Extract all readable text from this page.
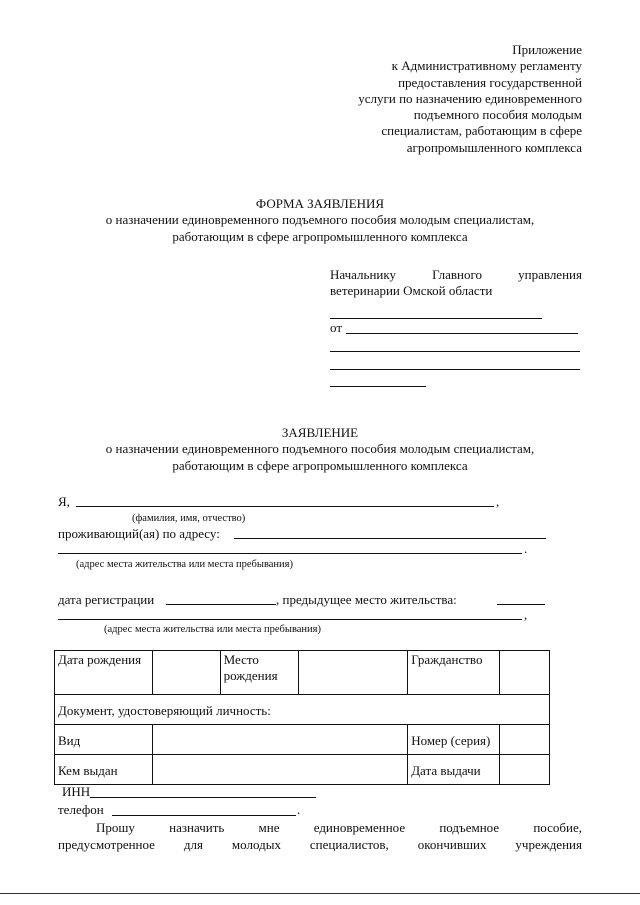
Приложение
к Административному регламенту
предоставления государственной
услуги по назначению единовременного
подъемного пособия молодым
специалистам, работающим в сфере
агропромышленного комплекса
ФОРМА ЗАЯВЛЕНИЯ
о назначении единовременного подъемного пособия молодым специалистам,
работающим в сфере агропромышленного комплекса
Начальнику	Главного	управления
ветеринарии Омской области
от
ЗАЯВЛЕНИЕ
о назначении единовременного подъемного пособия молодым специалистам,
работающим в сфере агропромышленного комплекса
Я,	,
(фамилия, имя, отчество)
проживающий(ая) по адресу:
.
(адрес места жительства или места пребывания)
дата регистрации	, предыдущее место жительства:
,
(адрес места жительства или места пребывания)
Дата рождения		Место рождения		Гражданство	
Документ, удостоверяющий личность:					
Вид				Номер (серия)	
Кем выдан				Дата выдачи	
ИНН
телефон	.
Прошу	назначить	мне	единовременное	подъемное	пособие,
предусмотренное для молодых специалистов, окончивших учреждения
